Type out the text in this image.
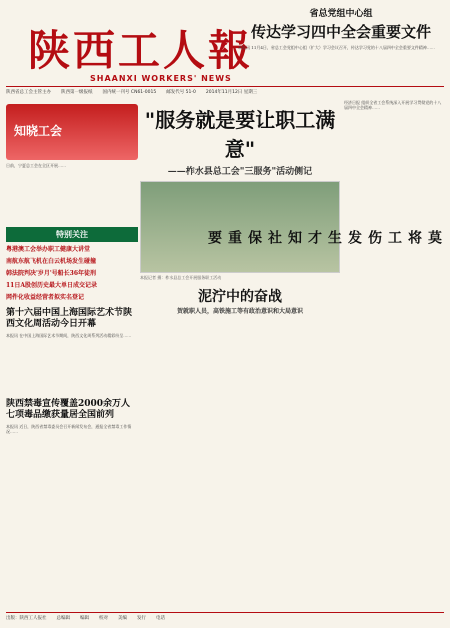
陕西工人報
SHAANXI WORKERS' NEWS
省总党组中心组
传达学习四中全会重要文件
本报讯 11月4日，省总工会党组中心组（扩大）学习会议召开，传达学习党的十八届四中全会重要文件精神……
陕西省总工会主管主办 陕西第一级报纸 国内统一刊号 CN61-0015 邮发代号 51-0 2014年11月12日 星期三
知晓工会
日前，宁夏总工会在全区开展……
特别关注
粤港澳工会举办职工健康大讲堂
南航东航飞机在白云机场发生碰撞
韩法院判决'岁月'号船长36年徒刑
11日A股创历史最大单日成交记录
网件化收益经营者拟实名登记
第十六届中国上海国际艺术节陕西文化周活动今日开幕
本报讯 在中国上海国际艺术节期间，陕西文化周系列活动精彩纷呈……
陕西禁毒宣传覆盖2000余万人 七项毒品缴获量居全国前列
本报讯 近日，陕西省禁毒委员会召开新闻发布会，通报全省禁毒工作情况……
"服务就是要让职工满意"
——柞水县总工会"三服务"活动侧记
本报记者 摄：柞水县总工会开展服务职工活动
泥泞中的奋战
贺就职人员，高铁施工等有政治意识和大局意识
经济日报 组织全省工会系统深入开展学习贯彻党的十八届四中全会精神……
莫将工伤发生才知社保重要
出版：陕西工人报社 总编辑 编辑 校对 美编 发行 电话
